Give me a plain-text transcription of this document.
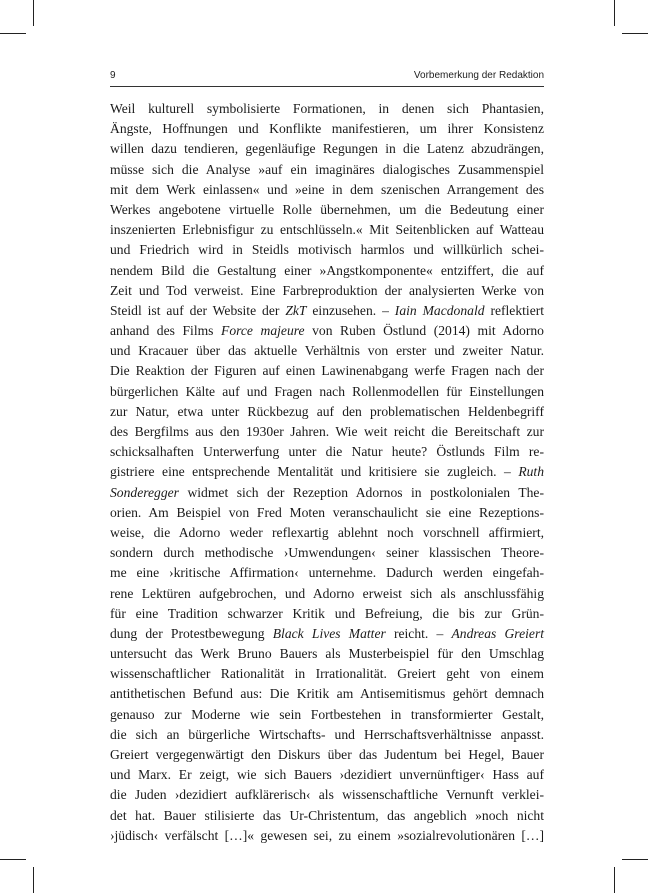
9	Vorbemerkung der Redaktion
Weil kulturell symbolisierte Formationen, in denen sich Phantasien,
Ängste, Hoffnungen und Konflikte manifestieren, um ihrer Konsistenz
willen dazu tendieren, gegenläufige Regungen in die Latenz abzudrängen,
müsse sich die Analyse »auf ein imaginäres dialogisches Zusammenspiel
mit dem Werk einlassen« und »eine in dem szenischen Arrangement des
Werkes angebotene virtuelle Rolle übernehmen, um die Bedeutung einer
inszenierten Erlebnisfigur zu entschlüsseln.« Mit Seitenblicken auf Watteau
und Friedrich wird in Steidls motivisch harmlos und willkürlich schei-
nendem Bild die Gestaltung einer »Angstkomponente« entziffert, die auf
Zeit und Tod verweist. Eine Farbreproduktion der analysierten Werke von
Steidl ist auf der Website der ZkT einzusehen. – Iain Macdonald reflektiert
anhand des Films Force majeure von Ruben Östlund (2014) mit Adorno
und Kracauer über das aktuelle Verhältnis von erster und zweiter Natur.
Die Reaktion der Figuren auf einen Lawinenabgang werfe Fragen nach der
bürgerlichen Kälte auf und Fragen nach Rollenmodellen für Einstellungen
zur Natur, etwa unter Rückbezug auf den problematischen Heldenbegriff
des Bergfilms aus den 1930er Jahren. Wie weit reicht die Bereitschaft zur
schicksalhaften Unterwerfung unter die Natur heute? Östlunds Film re-
gistriere eine entsprechende Mentalität und kritisiere sie zugleich. – Ruth
Sonderegger widmet sich der Rezeption Adornos in postkolonialen The-
orien. Am Beispiel von Fred Moten veranschaulicht sie eine Rezeptions-
weise, die Adorno weder reflexartig ablehnt noch vorschnell affirmiert,
sondern durch methodische ›Umwendungen‹ seiner klassischen Theore-
me eine ›kritische Affirmation‹ unternehme. Dadurch werden eingefah-
rene Lektüren aufgebrochen, und Adorno erweist sich als anschlussfähig
für eine Tradition schwarzer Kritik und Befreiung, die bis zur Grün-
dung der Protestbewegung Black Lives Matter reicht. – Andreas Greiert
untersucht das Werk Bruno Bauers als Musterbeispiel für den Umschlag
wissenschaftlicher Rationalität in Irrationalität. Greiert geht von einem
antithetischen Befund aus: Die Kritik am Antisemitismus gehört demnach
genauso zur Moderne wie sein Fortbestehen in transformierter Gestalt,
die sich an bürgerliche Wirtschafts- und Herrschaftsverhältnisse anpasst.
Greiert vergegenwärtigt den Diskurs über das Judentum bei Hegel, Bauer
und Marx. Er zeigt, wie sich Bauers ›dezidiert unvernünftiger‹ Hass auf
die Juden ›dezidiert aufklärerisch‹ als wissenschaftliche Vernunft verklei-
det hat. Bauer stilisierte das Ur-Christentum, das angeblich »noch nicht
›jüdisch‹ verfälscht […]« gewesen sei, zu einem »sozialrevolutionären […]
